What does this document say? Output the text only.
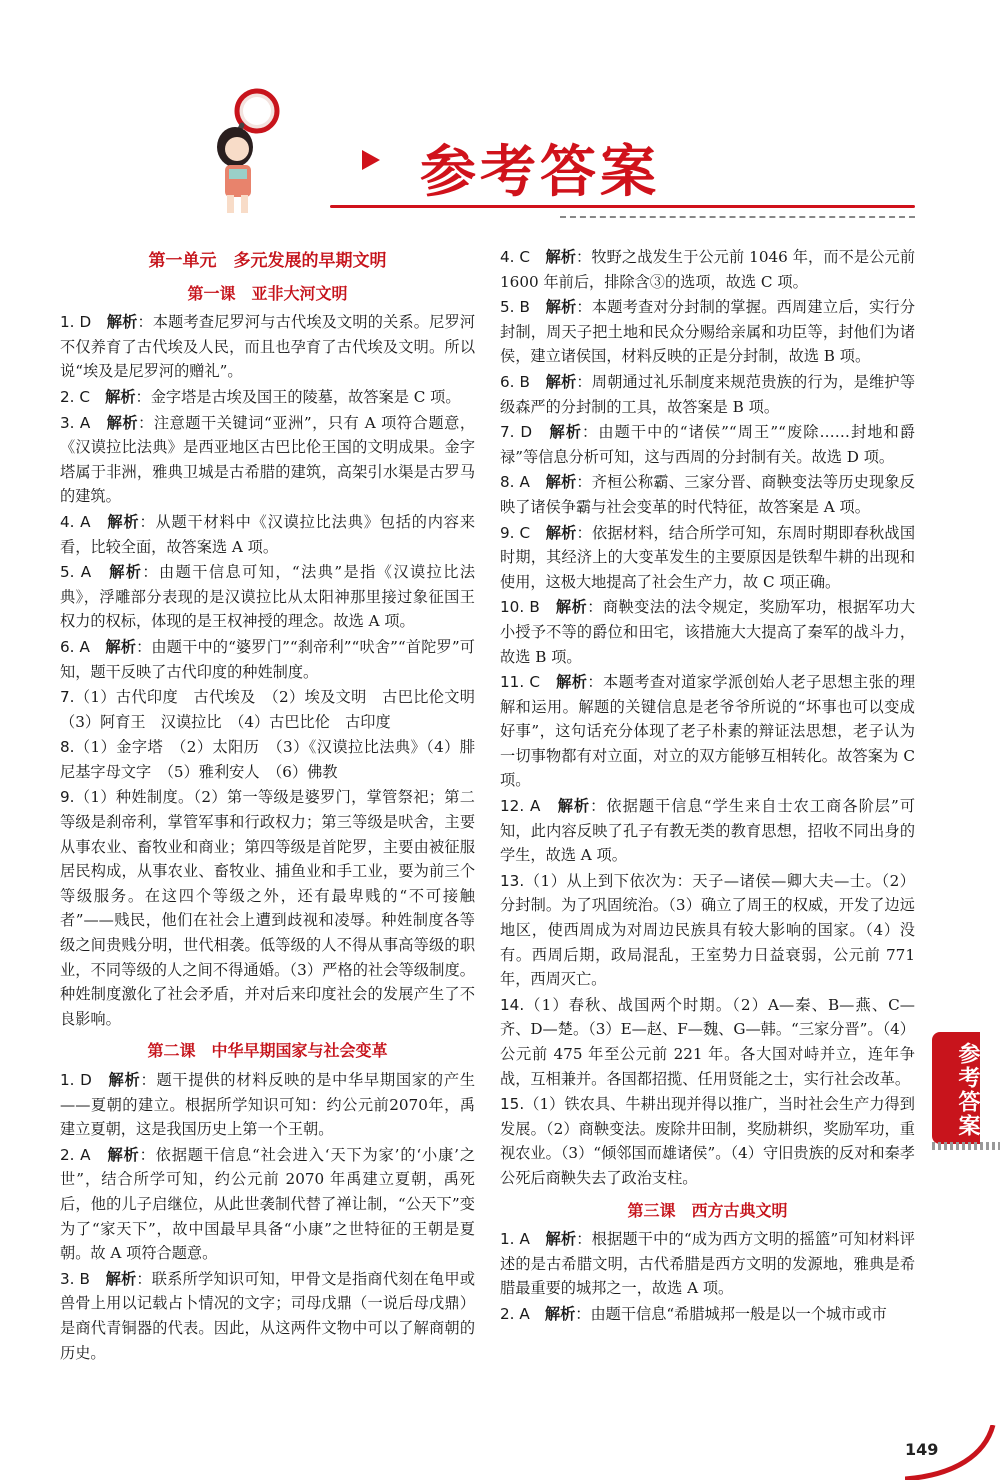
参考答案
第一单元　多元发展的早期文明
第一课　亚非大河文明

1. D　 解析：本题考查尼罗河与古代埃及文明的关系。尼罗河不仅养育了古代埃及人民，而且也孕育了古代埃及文明。所以说“埃及是尼罗河的赠礼”。

2. C　 解析：金字塔是古埃及国王的陵墓，故答案是 C 项。

3. A　 解析：注意题干关键词“亚洲”，只有 A 项符合题意，《汉谟拉比法典》是西亚地区古巴比伦王国的文明成果。金字塔属于非洲，雅典卫城是古希腊的建筑，高架引水渠是古罗马的建筑。

4. A　 解析：从题干材料中《汉谟拉比法典》包括的内容来看，比较全面，故答案选 A 项。

5. A　 解析：由题干信息可知，“法典”是指《汉谟拉比法典》，浮雕部分表现的是汉谟拉比从太阳神那里接过象征国王权力的权标，体现的是王权神授的理念。故选 A 项。

6. A　 解析：由题干中的“婆罗门”“刹帝利”“吠舍”“首陀罗”可知，题干反映了古代印度的种姓制度。

7.（1）古代印度　古代埃及　（2）埃及文明　古巴比伦文明　（3）阿育王　汉谟拉比　（4）古巴比伦　古印度

8.（1）金字塔　（2）太阳历　（3）《汉谟拉比法典》（4）腓尼基字母文字　（5）雅利安人　（6）佛教

9.（1）种姓制度。（2）第一等级是婆罗门，掌管祭祀；第二等级是刹帝利，掌管军事和行政权力；第三等级是吠舍，主要从事农业、畜牧业和商业；第四等级是首陀罗，主要由被征服居民构成，从事农业、畜牧业、捕鱼业和手工业，要为前三个等级服务。在这四个等级之外，还有最卑贱的“不可接触者”——贱民，他们在社会上遭到歧视和凌辱。种姓制度各等级之间贵贱分明，世代相袭。低等级的人不得从事高等级的职业，不同等级的人之间不得通婚。（3）严格的社会等级制度。种姓制度激化了社会矛盾，并对后来印度社会的发展产生了不良影响。

第二课　中华早期国家与社会变革

1. D　 解析：题干提供的材料反映的是中华早期国家的产生——夏朝的建立。根据所学知识可知：约公元前2070年，禹建立夏朝，这是我国历史上第一个王朝。

2. A　 解析：依据题干信息“社会进入‘天下为家’的‘小康’之世”，结合所学可知，约公元前 2070 年禹建立夏朝，禹死后，他的儿子启继位，从此世袭制代替了禅让制，“公天下”变为了“家天下”，故中国最早具备“小康”之世特征的王朝是夏朝。故 A 项符合题意。

3. B　 解析：联系所学知识可知，甲骨文是指商代刻在龟甲或兽骨上用以记载占卜情况的文字；司母戊鼎（一说后母戊鼎）是商代青铜器的代表。因此，从这两件文物中可以了解商朝的历史。

4. C　 解析：牧野之战发生于公元前 1046 年，而不是公元前 1600 年前后，排除含③的选项，故选 C 项。

5. B　 解析：本题考查对分封制的掌握。西周建立后，实行分封制，周天子把土地和民众分赐给亲属和功臣等，封他们为诸侯，建立诸侯国，材料反映的正是分封制，故选 B 项。

6. B　 解析：周朝通过礼乐制度来规范贵族的行为，是维护等级森严的分封制的工具，故答案是 B 项。

7. D　 解析：由题干中的“诸侯”“周王”“废除……封地和爵禄”等信息分析可知，这与西周的分封制有关。故选 D 项。

8. A　 解析：齐桓公称霸、三家分晋、商鞅变法等历史现象反映了诸侯争霸与社会变革的时代特征，故答案是 A 项。

9. C　 解析：依据材料，结合所学可知，东周时期即春秋战国时期，其经济上的大变革发生的主要原因是铁犁牛耕的出现和使用，这极大地提高了社会生产力，故 C 项正确。

10. B　 解析：商鞅变法的法令规定，奖励军功，根据军功大小授予不等的爵位和田宅，该措施大大提高了秦军的战斗力，故选 B 项。

11. C　 解析：本题考查对道家学派创始人老子思想主张的理解和运用。解题的关键信息是老爷爷所说的“坏事也可以变成好事”，这句话充分体现了老子朴素的辩证法思想，老子认为一切事物都有对立面，对立的双方能够互相转化。故答案为 C 项。

12. A　 解析：依据题干信息“学生来自士农工商各阶层”可知，此内容反映了孔子有教无类的教育思想，招收不同出身的学生，故选 A 项。

13.（1）从上到下依次为：天子—诸侯—卿大夫—士。（2）分封制。为了巩固统治。（3）确立了周王的权威，开发了边远地区，使西周成为对周边民族具有较大影响的国家。（4）没有。西周后期，政局混乱，王室势力日益衰弱，公元前 771 年，西周灭亡。

14.（1）春秋、战国两个时期。（2）A—秦、B—燕、C—齐、D—楚。（3）E—赵、F—魏、G—韩。“三家分晋”。（4）公元前 475 年至公元前 221 年。各大国对峙并立，连年争战，互相兼并。各国都招揽、任用贤能之士，实行社会改革。

15.（1）铁农具、牛耕出现并得以推广，当时社会生产力得到发展。（2）商鞅变法。废除井田制，奖励耕织，奖励军功，重视农业。（3）“倾邻国而雄诸侯”。（4）守旧贵族的反对和秦孝公死后商鞅失去了政治支柱。

第三课　西方古典文明

1. A　 解析：根据题干中的“成为西方文明的摇篮”可知材料评述的是古希腊文明，古代希腊是西方文明的发源地，雅典是希腊最重要的城邦之一，故选 A 项。

2. A　 解析：由题干信息“希腊城邦一般是以一个城市或市

参考答案
149
